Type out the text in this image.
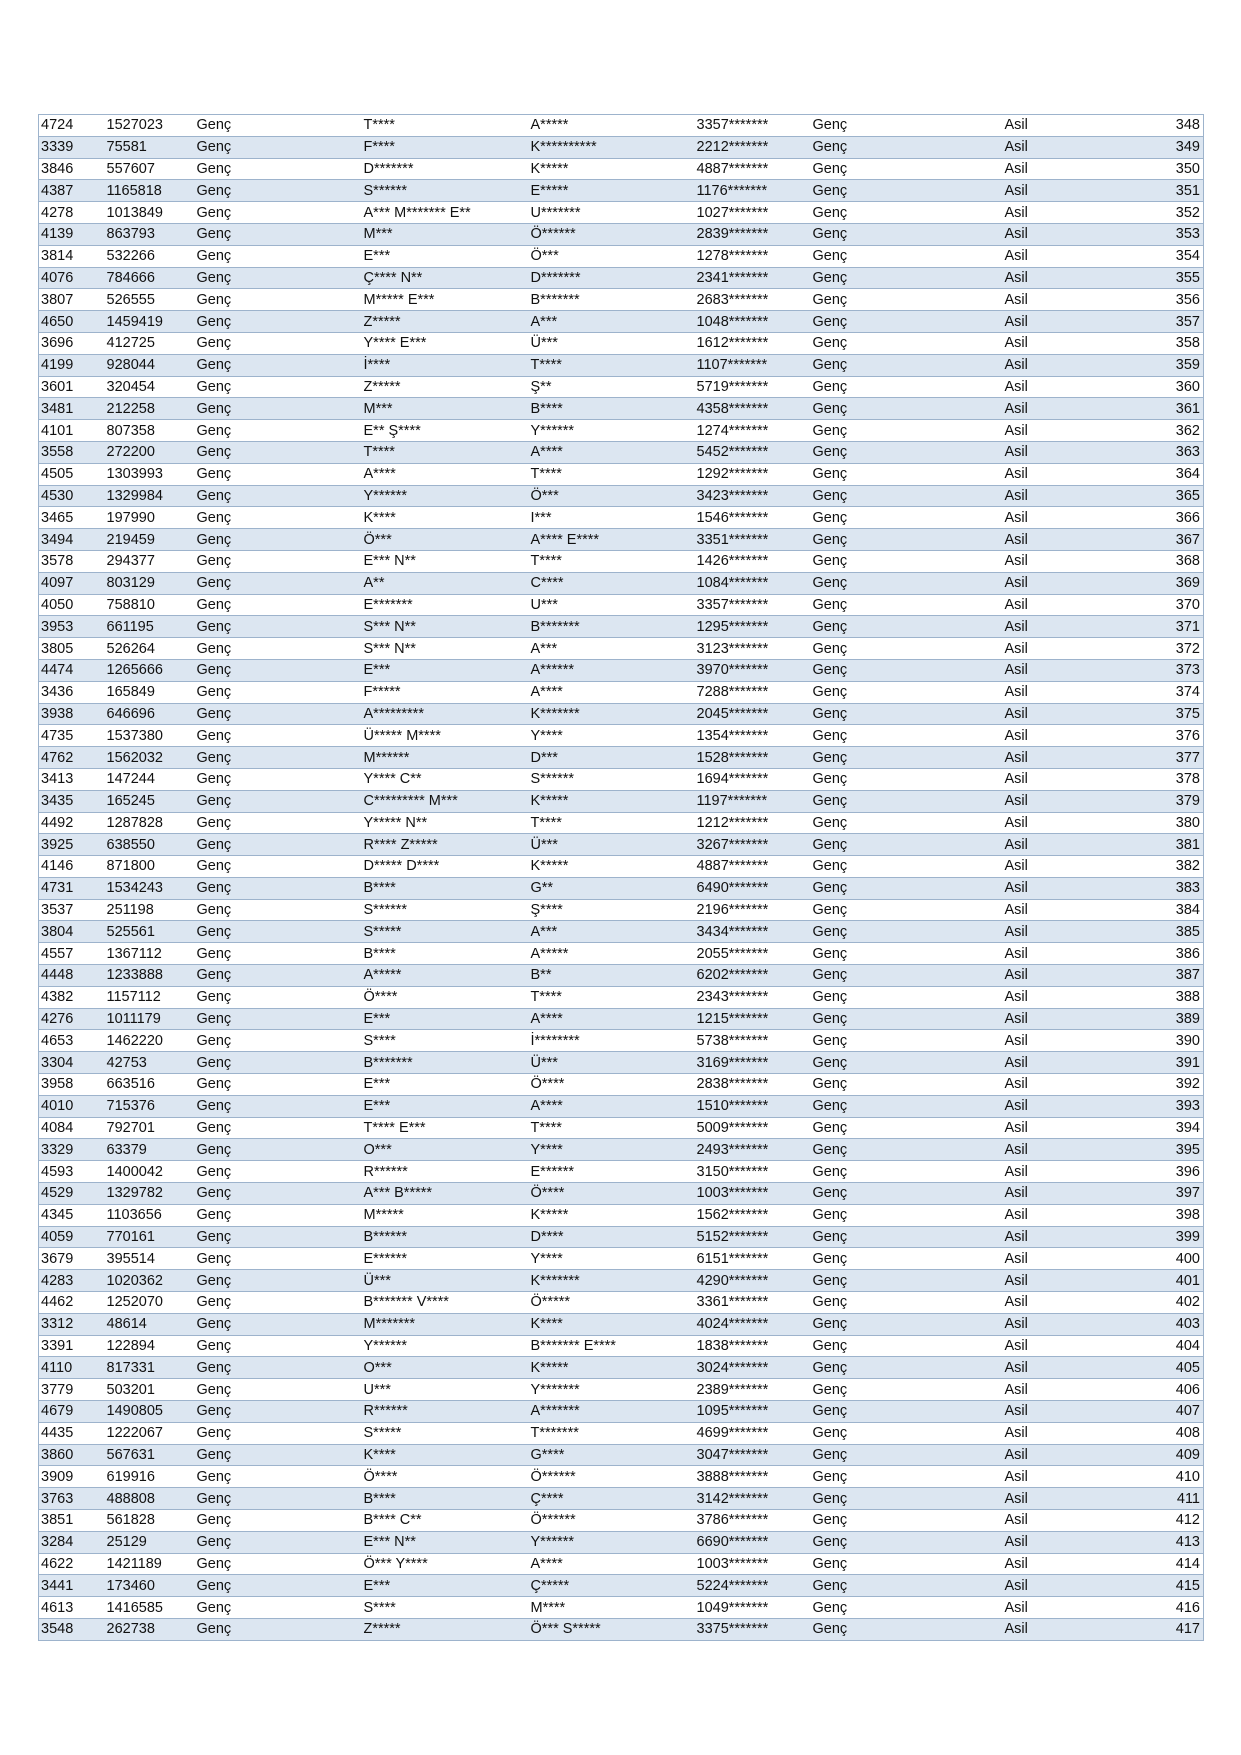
4724	1527023	Genç	T****	A*****	3357*******	Genç	Asil	348
3339	75581	Genç	F****	K**********	2212*******	Genç	Asil	349
3846	557607	Genç	D*******	K*****	4887*******	Genç	Asil	350
4387	1165818	Genç	S******	E*****	1176*******	Genç	Asil	351
4278	1013849	Genç	A*** M******* E**	U*******	1027*******	Genç	Asil	352
4139	863793	Genç	M***	Ö******	2839*******	Genç	Asil	353
3814	532266	Genç	E***	Ö***	1278*******	Genç	Asil	354
4076	784666	Genç	Ç**** N**	D*******	2341*******	Genç	Asil	355
3807	526555	Genç	M***** E***	B*******	2683*******	Genç	Asil	356
4650	1459419	Genç	Z*****	A***	1048*******	Genç	Asil	357
3696	412725	Genç	Y**** E***	Ü***	1612*******	Genç	Asil	358
4199	928044	Genç	İ****	T****	1107*******	Genç	Asil	359
3601	320454	Genç	Z*****	Ş**	5719*******	Genç	Asil	360
3481	212258	Genç	M***	B****	4358*******	Genç	Asil	361
4101	807358	Genç	E** Ş****	Y******	1274*******	Genç	Asil	362
3558	272200	Genç	T****	A****	5452*******	Genç	Asil	363
4505	1303993	Genç	A****	T****	1292*******	Genç	Asil	364
4530	1329984	Genç	Y******	Ö***	3423*******	Genç	Asil	365
3465	197990	Genç	K****	I***	1546*******	Genç	Asil	366
3494	219459	Genç	Ö***	A**** E****	3351*******	Genç	Asil	367
3578	294377	Genç	E*** N**	T****	1426*******	Genç	Asil	368
4097	803129	Genç	A**	C****	1084*******	Genç	Asil	369
4050	758810	Genç	E*******	U***	3357*******	Genç	Asil	370
3953	661195	Genç	S*** N**	B*******	1295*******	Genç	Asil	371
3805	526264	Genç	S*** N**	A***	3123*******	Genç	Asil	372
4474	1265666	Genç	E***	A******	3970*******	Genç	Asil	373
3436	165849	Genç	F*****	A****	7288*******	Genç	Asil	374
3938	646696	Genç	A*********	K*******	2045*******	Genç	Asil	375
4735	1537380	Genç	Ü***** M****	Y****	1354*******	Genç	Asil	376
4762	1562032	Genç	M******	D***	1528*******	Genç	Asil	377
3413	147244	Genç	Y**** C**	S******	1694*******	Genç	Asil	378
3435	165245	Genç	C********* M***	K*****	1197*******	Genç	Asil	379
4492	1287828	Genç	Y***** N**	T****	1212*******	Genç	Asil	380
3925	638550	Genç	R**** Z*****	Ü***	3267*******	Genç	Asil	381
4146	871800	Genç	D***** D****	K*****	4887*******	Genç	Asil	382
4731	1534243	Genç	B****	G**	6490*******	Genç	Asil	383
3537	251198	Genç	S******	Ş****	2196*******	Genç	Asil	384
3804	525561	Genç	S*****	A***	3434*******	Genç	Asil	385
4557	1367112	Genç	B****	A*****	2055*******	Genç	Asil	386
4448	1233888	Genç	A*****	B**	6202*******	Genç	Asil	387
4382	1157112	Genç	Ö****	T****	2343*******	Genç	Asil	388
4276	1011179	Genç	E***	A****	1215*******	Genç	Asil	389
4653	1462220	Genç	S****	İ********	5738*******	Genç	Asil	390
3304	42753	Genç	B*******	Ü***	3169*******	Genç	Asil	391
3958	663516	Genç	E***	Ö****	2838*******	Genç	Asil	392
4010	715376	Genç	E***	A****	1510*******	Genç	Asil	393
4084	792701	Genç	T**** E***	T****	5009*******	Genç	Asil	394
3329	63379	Genç	O***	Y****	2493*******	Genç	Asil	395
4593	1400042	Genç	R******	E******	3150*******	Genç	Asil	396
4529	1329782	Genç	A*** B*****	Ö****	1003*******	Genç	Asil	397
4345	1103656	Genç	M*****	K*****	1562*******	Genç	Asil	398
4059	770161	Genç	B******	D****	5152*******	Genç	Asil	399
3679	395514	Genç	E******	Y****	6151*******	Genç	Asil	400
4283	1020362	Genç	Ü***	K*******	4290*******	Genç	Asil	401
4462	1252070	Genç	B******* V****	Ö*****	3361*******	Genç	Asil	402
3312	48614	Genç	M*******	K****	4024*******	Genç	Asil	403
3391	122894	Genç	Y******	B******* E****	1838*******	Genç	Asil	404
4110	817331	Genç	O***	K*****	3024*******	Genç	Asil	405
3779	503201	Genç	U***	Y*******	2389*******	Genç	Asil	406
4679	1490805	Genç	R******	A*******	1095*******	Genç	Asil	407
4435	1222067	Genç	S*****	T*******	4699*******	Genç	Asil	408
3860	567631	Genç	K****	G****	3047*******	Genç	Asil	409
3909	619916	Genç	Ö****	Ö******	3888*******	Genç	Asil	410
3763	488808	Genç	B****	Ç****	3142*******	Genç	Asil	411
3851	561828	Genç	B**** C**	Ö******	3786*******	Genç	Asil	412
3284	25129	Genç	E*** N**	Y******	6690*******	Genç	Asil	413
4622	1421189	Genç	Ö*** Y****	A****	1003*******	Genç	Asil	414
3441	173460	Genç	E***	Ç*****	5224*******	Genç	Asil	415
4613	1416585	Genç	S****	M****	1049*******	Genç	Asil	416
3548	262738	Genç	Z*****	Ö*** S*****	3375*******	Genç	Asil	417
